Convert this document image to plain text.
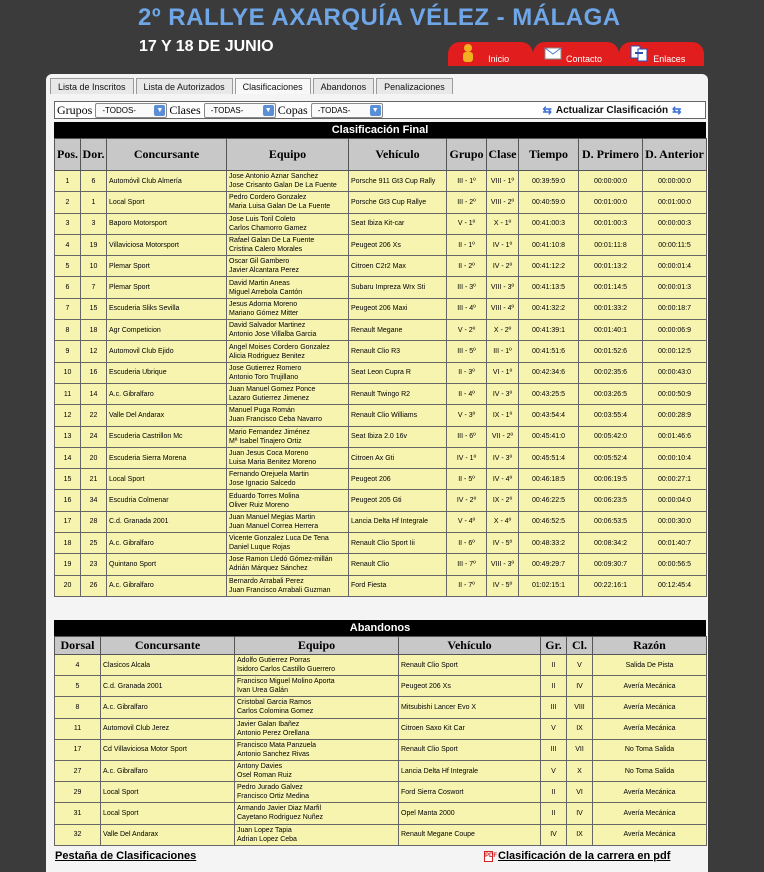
2º RALLYE AXARQUÍA VÉLEZ - MÁLAGA
17 Y 18 DE JUNIO
Inicio	Contacto	Enlaces
Lista de Inscritos	Lista de Autorizados	Clasificaciones	Abandonos	Penalizaciones
Grupos -TODOS-	▼ Clases -TODAS-	▼ Copas -TODAS-	▼	⇆ Actualizar Clasificación ⇆
Clasificación Final
Pos.	Dor.	Concursante	Equipo	Vehículo	Grupo	Clase	Tiempo	D. Primero	D. Anterior
1	6	Automóvil Club Almería	Jose Antonio Aznar Sanchez
Jose Crisanto Galan De La Fuente	Porsche 911 Gt3 Cup Rally	III - 1º	VIII - 1º	00:39:59:0	00:00:00:0	00:00:00:0
2	1	Local Sport	Pedro Cordero Gonzalez
Maria Luisa Galan De La Fuente	Porsche Gt3 Cup Rallye	III - 2º	VIII - 2º	00:40:59:0	00:01:00:0	00:01:00:0
3	3	Baporo Motorsport	Jose Luis Toril Coleto
Carlos Chamorro Gamez	Seat Ibiza Kit-car	V - 1º	X - 1º	00:41:00:3	00:01:00:3	00:00:00:3
4	19	Villaviciosa Motorsport	Rafael Galan De La Fuente
Cristina Calero Morales	Peugeot 206 Xs	II - 1º	IV - 1º	00:41:10:8	00:01:11:8	00:00:11:5
5	10	Plemar Sport	Oscar Gil Gambero
Javier Alcantara Perez	Citroen C2r2 Max	II - 2º	IV - 2º	00:41:12:2	00:01:13:2	00:00:01:4
6	7	Plemar Sport	David Martin Aneas
Miguel Arrebola Cantón	Subaru Impreza Wrx Sti	III - 3º	VIII - 3º	00:41:13:5	00:01:14:5	00:00:01:3
7	15	Escuderia Sliks Sevilla	Jesus Adorna Moreno
Mariano Gómez Mitter	Peugeot 206 Maxi	III - 4º	VIII - 4º	00:41:32:2	00:01:33:2	00:00:18:7
8	18	Agr Competicion	David Salvador Martinez
Antonio Jose Villalba Garcia	Renault Megane	V - 2º	X - 2º	00:41:39:1	00:01:40:1	00:00:06:9
9	12	Automovil Club Ejido	Angel Moises Cordero Gonzalez
Alicia Rodriguez Benitez	Renault Clio R3	III - 5º	III - 1º	00:41:51:6	00:01:52:6	00:00:12:5
10	16	Escuderia Ubrique	Jose Gutierrez Romero
Antonio Toro Trujillano	Seat Leon Cupra R	II - 3º	VI - 1º	00:42:34:6	00:02:35:6	00:00:43:0
11	14	A.c. Gibralfaro	Juan Manuel Gomez Ponce
Lazaro Gutierrez Jimenez	Renault Twingo R2	II - 4º	IV - 3º	00:43:25:5	00:03:26:5	00:00:50:9
12	22	Valle Del Andarax	Manuel Puga Román
Juan Francisco Ceba Navarro	Renault Clio Williams	V - 3º	IX - 1º	00:43:54:4	00:03:55:4	00:00:28:9
13	24	Escuderia Castrillon Mc	Mario Fernandez Jiménez
Mª Isabel Tinajero Ortiz	Seat Ibiza 2.0 16v	III - 6º	VII - 2º	00:45:41:0	00:05:42:0	00:01:46:6
14	20	Escuderia Sierra Morena	Juan Jesus Coca Moreno
Luisa Maria Benitez Moreno	Citroen Ax Gti	IV - 1º	IV - 3º	00:45:51:4	00:05:52:4	00:00:10:4
15	21	Local Sport	Fernando Orejuela Martin
Jose Ignacio Salcedo	Peugeot 206	II - 5º	IV - 4º	00:46:18:5	00:06:19:5	00:00:27:1
16	34	Escudria Colmenar	Eduardo Torres Molina
Oliver Ruiz Moreno	Peugeot 205 Gti	IV - 2º	IX - 2º	00:46:22:5	00:06:23:5	00:00:04:0
17	28	C.d. Granada 2001	Juan Manuel Megias Martin
Juan Manuel Correa Herrera	Lancia Delta Hf Integrale	V - 4º	X - 4º	00:46:52:5	00:06:53:5	00:00:30:0
18	25	A.c. Gibralfaro	Vicente Gonzalez Luca De Tena
Daniel Luque Rojas	Renault Clio Sport Iii	II - 6º	IV - 5º	00:48:33:2	00:08:34:2	00:01:40:7
19	23	Quintano Sport	Jose Ramon Lledó Gómez-millán
Adrián Márquez Sánchez	Renault Clio	III - 7º	VIII - 3º	00:49:29:7	00:09:30:7	00:00:56:5
20	26	A.c. Gibralfaro	Bernardo Arrabali Perez
Juan Francisco Arrabali Guzman	Ford Fiesta	II - 7º	IV - 5º	01:02:15:1	00:22:16:1	00:12:45:4
Abandonos
Dorsal	Concursante	Equipo	Vehículo	Gr.	Cl.	Razón
4	Clasicos Alcala	Adolfo Gutierrez Porras
Isidoro Carlos Castillo Guerrero	Renault Clio Sport	II	V	Salida De Pista
5	C.d. Granada 2001	Francisco Miguel Molino Aporta
Ivan Urea Galán	Peugeot 206 Xs	II	IV	Avería Mecánica
8	A.c. Gibralfaro	Cristobal Garcia Ramos
Carlos Colomina Gomez	Mitsubishi Lancer Evo X	III	VIII	Avería Mecánica
11	Automovil Club Jerez	Javier Galan Ibañez
Antonio Perez Orellana	Citroen Saxo Kit Car	V	IX	Avería Mecánica
17	Cd Villaviciosa Motor Sport	Francisco Mata Panzuela
Antonio Sanchez Rivas	Renault Clio Sport	III	VII	No Toma Salida
27	A.c. Gibralfaro	Antony Davies
Osel Roman Ruiz	Lancia Delta Hf Integrale	V	X	No Toma Salida
29	Local Sport	Pedro Jurado Galvez
Francisco Ortiz Medina	Ford Sierra Coswort	II	VI	Avería Mecánica
31	Local Sport	Armando Javier Diaz Marfil
Cayetano Rodriguez Nuñez	Opel Manta 2000	II	IV	Avería Mecánica
32	Valle Del Andarax	Juan Lopez Tapia
Adrian Lopez Ceba	Renault Megane Coupe	IV	IX	Avería Mecánica
Pestaña de Clasificaciones	PDFClasificación de la carrera en pdf
